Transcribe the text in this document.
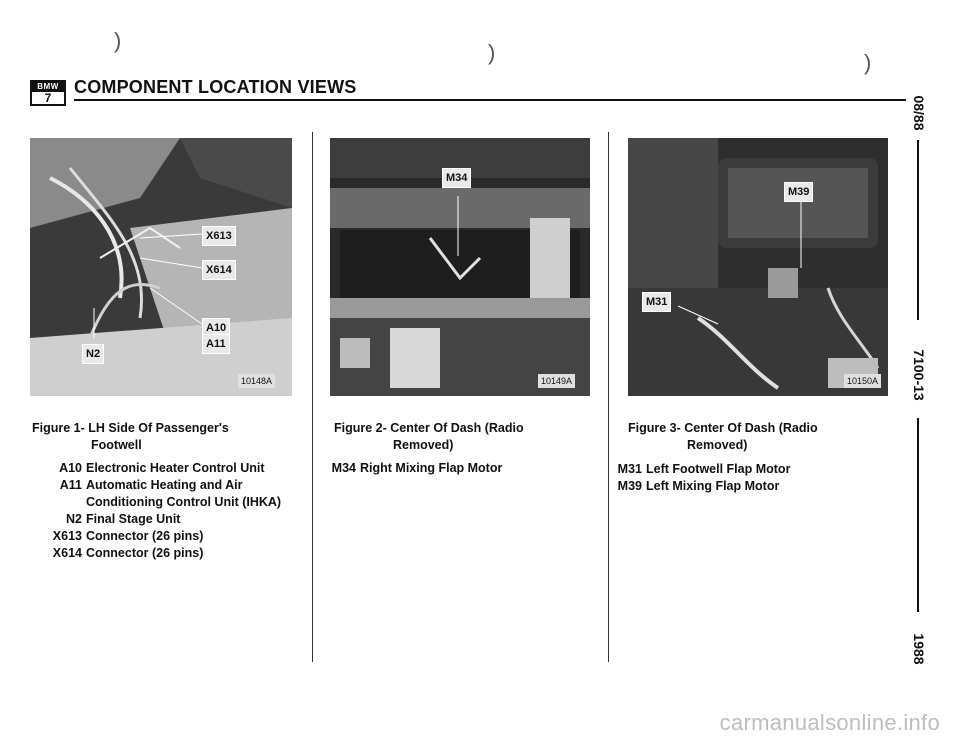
)	)	)
BMW
7
COMPONENT LOCATION VIEWS
X613
X614
A10
A11
N2
10148A
M34
10149A
M39
M31
10150A
Figure 1- LH Side Of Passenger's
Footwell
Figure 2- Center Of Dash (Radio
Removed)
Figure 3- Center Of Dash (Radio
Removed)
A10 Electronic Heater Control Unit
A11 Automatic Heating and Air
Conditioning Control Unit (IHKA)
N2 Final Stage Unit
X613 Connector (26 pins)
X614 Connector (26 pins)
M34 Right Mixing Flap Motor	M31 Left Footwell Flap Motor
M39 Left Mixing Flap Motor
08/88
7100-13
1988
carmanualsonline.info
